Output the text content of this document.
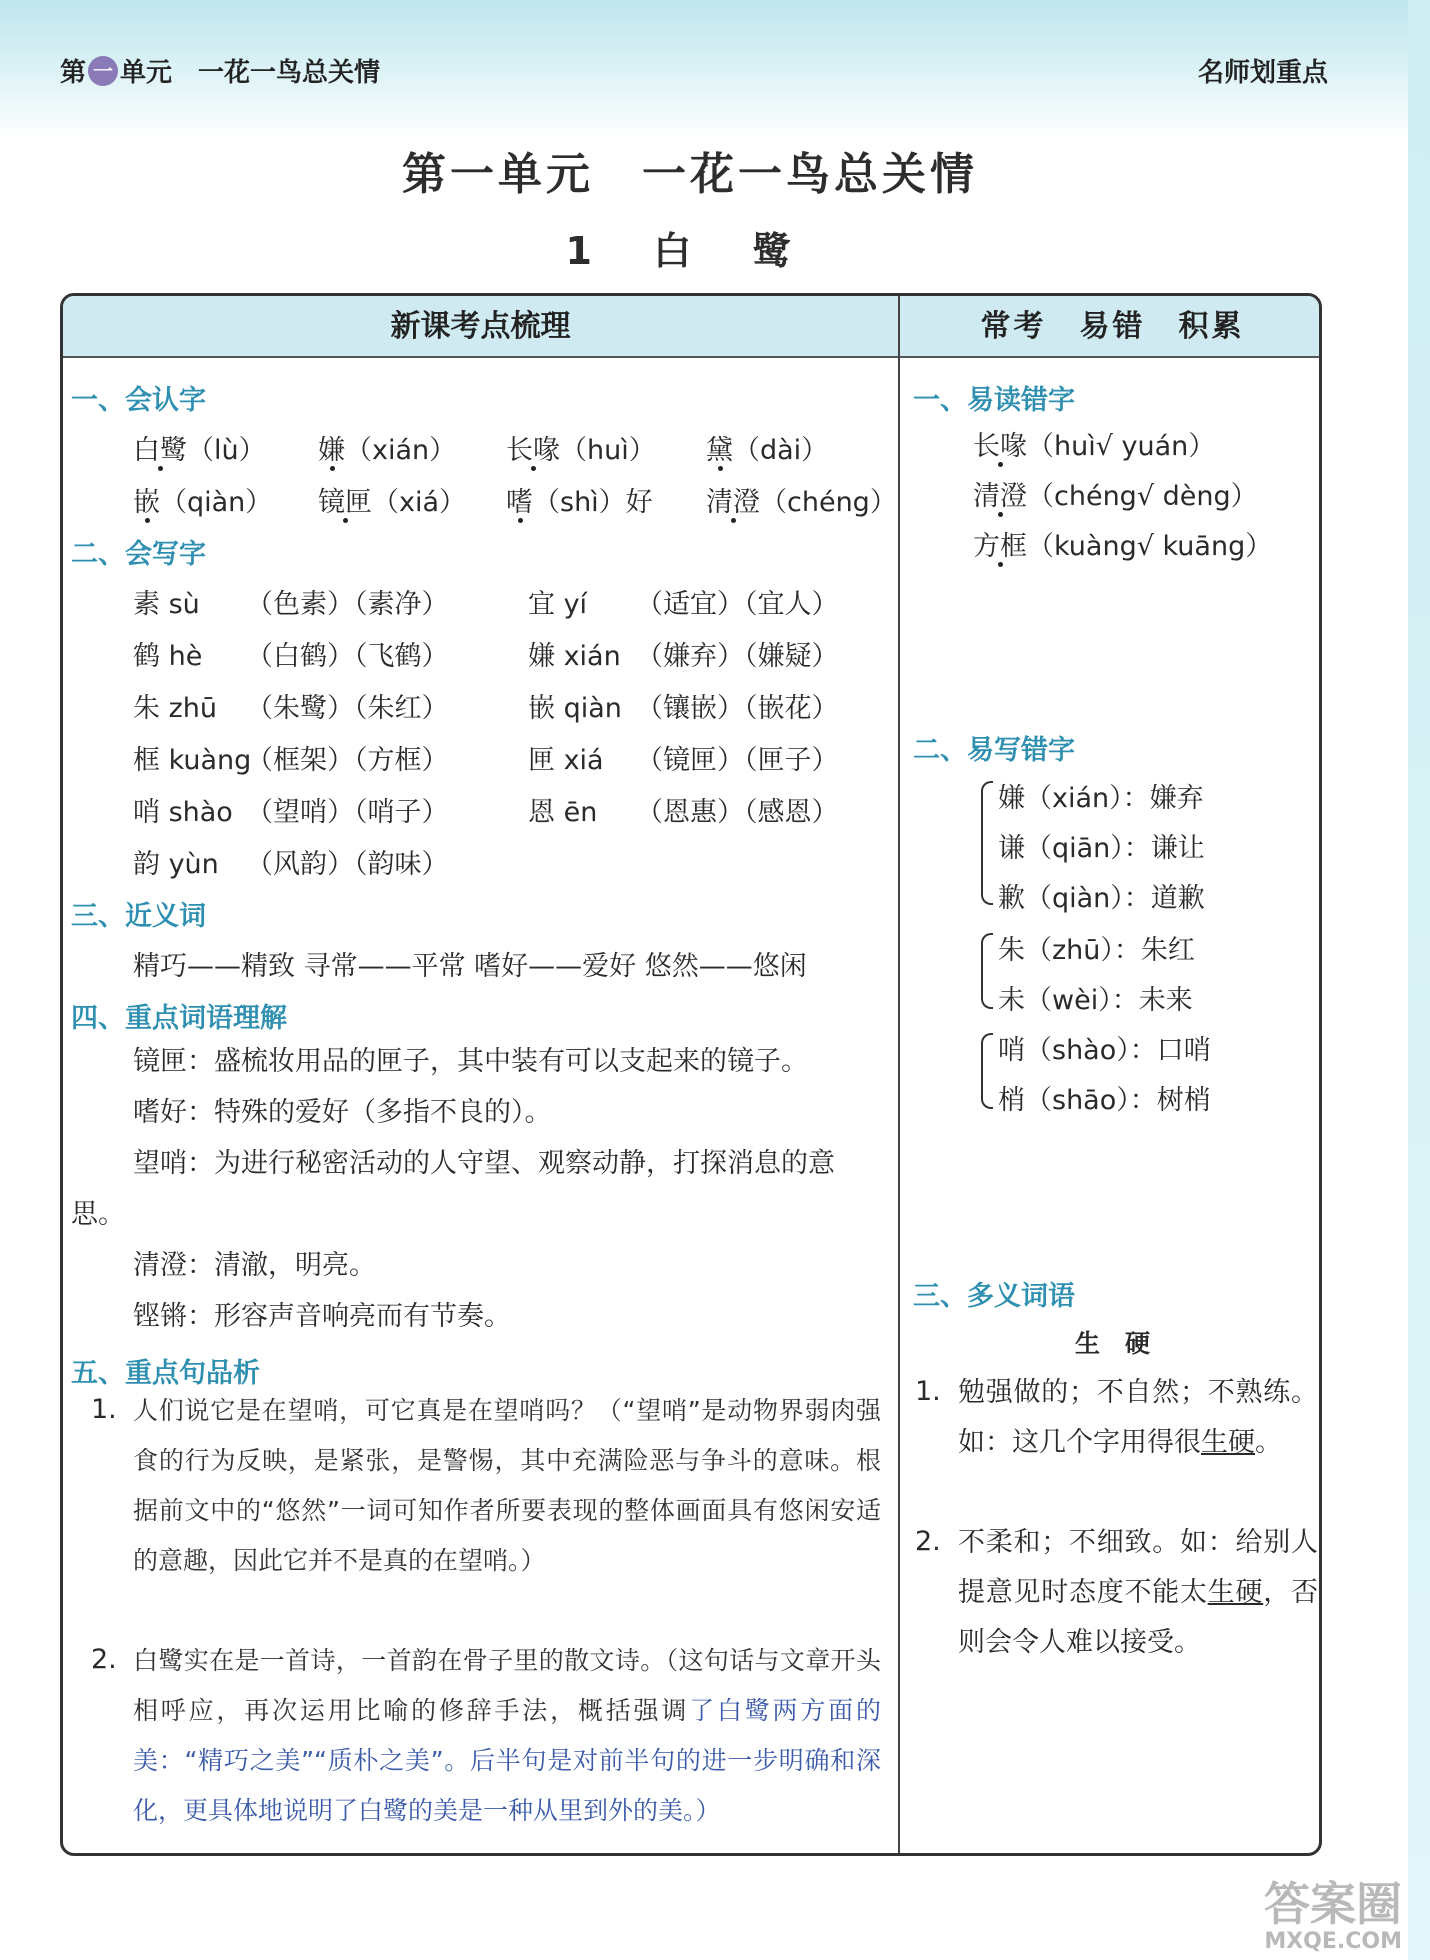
第 一 单元　一花一鸟总关情	名师划重点
第一单元　一花一鸟总关情
1 白 鹭
新课考点梳理	常考　易错　积累
一、会认字
白鹭（lù） 嫌（xián） 长喙（huì） 黛（dài）
嵌（qiàn） 镜匣（xiá） 嗜（shì）好 清澄（chéng）
二、会写字
素 sù （色素）（素净）
鹤 hè （白鹤）（飞鹤）
朱 zhū （朱鹭）（朱红）
框 kuàng
（框架）（方框）
哨 shào （望哨）（哨子）
韵 yùn （风韵）（韵味）
宜 yí （适宜）（宜人）
嫌 xián （嫌弃）（嫌疑）
嵌 qiàn （镶嵌）（嵌花）
匣 xiá （镜匣）（匣子）
恩 ēn （恩惠）（感恩）
三、近义词
精巧——精致 寻常——平常 嗜好——爱好 悠然——悠闲
四、重点词语理解
镜匣：盛梳妆用品的匣子，其中装有可以支起来的镜子。
嗜好：特殊的爱好（多指不良的）。
望哨：为进行秘密活动的人守望、观察动静，打探消息的意思。
清澄：清澈，明亮。
铿锵：形容声音响亮而有节奏。
五、重点句品析
1. 人们说它是在望哨，可它真是在望哨吗？（“望哨”是动物界弱肉强食的行为反映，是紧张，是警惕，其中充满险恶与争斗的意味。根据前文中的“悠然”一词可知作者所要表现的整体画面具有悠闲安适的意趣，因此它并不是真的在望哨。）
2. 白鹭实在是一首诗，一首韵在骨子里的散文诗。（这句话与文章开头相呼应，再次运用比喻的修辞手法，概括强调了白鹭两方面的美：“精巧之美”“质朴之美”。后半句是对前半句的进一步明确和深化，更具体地说明了白鹭的美是一种从里到外的美。）
一、易读错字
长喙（huì√ yuán）
清澄（chéng√ dèng）
方框（kuàng√ kuāng）
二、易写错字
嫌（xián）：嫌弃
谦（qiān）：谦让
歉（qiàn）：道歉
朱（zhū）：朱红
未（wèi）：未来
哨（shào）：口哨
梢（shāo）：树梢
三、多义词语
生　硬
1. 勉强做的；不自然；不熟练。如：这几个字用得很生硬。
2. 不柔和；不细致。如：给别人提意见时态度不能太生硬，否则会令人难以接受。
答案圈
MXQE.COM
